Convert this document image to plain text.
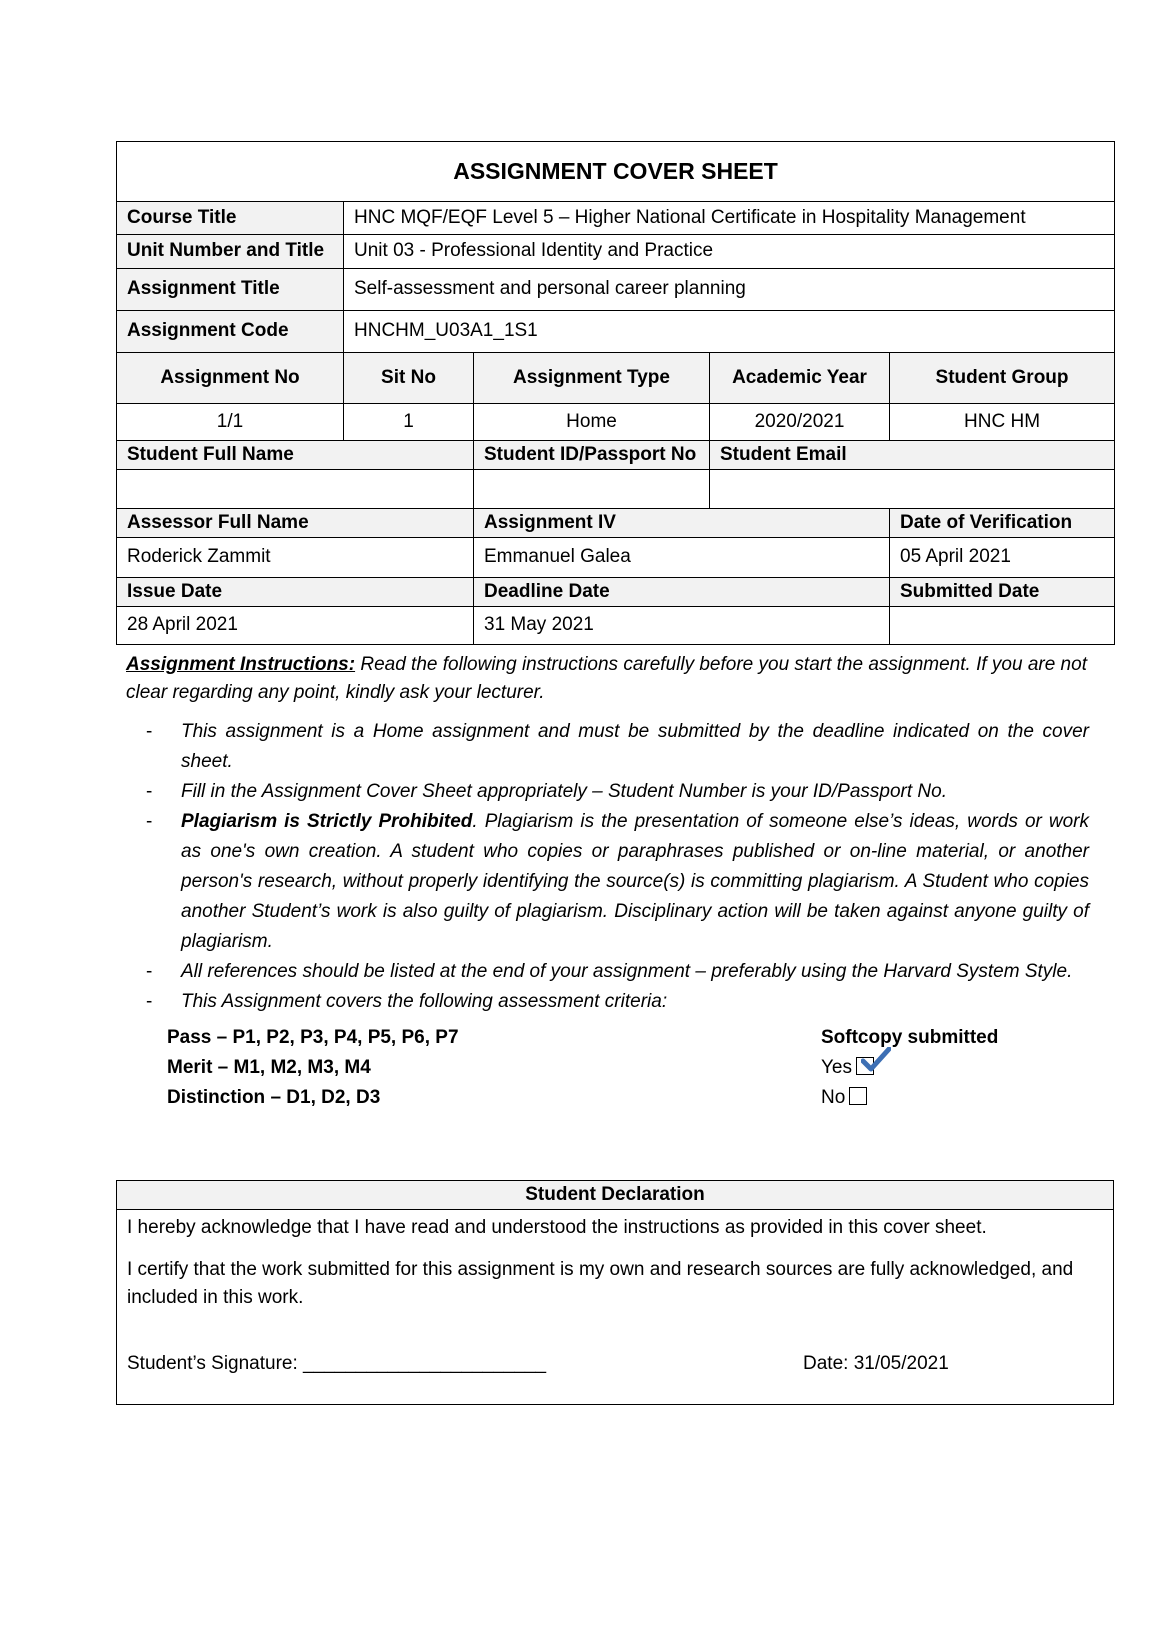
ASSIGNMENT COVER SHEET				
Course Title	HNC MQF/EQF Level 5 – Higher National Certificate in Hospitality Management			
Unit Number and Title	Unit 03 - Professional Identity and Practice			
Assignment Title	Self-assessment and personal career planning			
Assignment Code	HNCHM_U03A1_1S1			
Assignment No	Sit No	Assignment Type	Academic Year	Student Group
1/1	1	Home	2020/2021	HNC HM
Student Full Name		Student ID/Passport No	Student Email	

Assessor Full Name		Assignment IV		Date of Verification
Roderick Zammit		Emmanuel Galea		05 April 2021
Issue Date		Deadline Date		Submitted Date
28 April 2021		31 May 2021		
Assignment Instructions: Read the following instructions carefully before you start the assignment. If you are not clear regarding any point, kindly ask your lecturer.
- This assignment is a Home assignment and must be submitted by the deadline indicated on the cover sheet.
- Fill in the Assignment Cover Sheet appropriately – Student Number is your ID/Passport No.
- Plagiarism is Strictly Prohibited. Plagiarism is the presentation of someone else’s ideas, words or work as one's own creation. A student who copies or paraphrases published or on-line material, or another person's research, without properly identifying the source(s) is committing plagiarism. A Student who copies another Student’s work is also guilty of plagiarism. Disciplinary action will be taken against anyone guilty of plagiarism.
- All references should be listed at the end of your assignment – preferably using the Harvard System Style.
- This Assignment covers the following assessment criteria:
Pass – P1, P2, P3, P4, P5, P6, P7
Merit – M1, M2, M3, M4
Distinction – D1, D2, D3
Softcopy submitted
Yes
No
Student Declaration

I hereby acknowledge that I have read and understood the instructions as provided in this cover sheet.

I certify that the work submitted for this assignment is my own and research sources are fully acknowledged, and included in this work.

Student’s Signature: _______________________	Date: 31/05/2021
